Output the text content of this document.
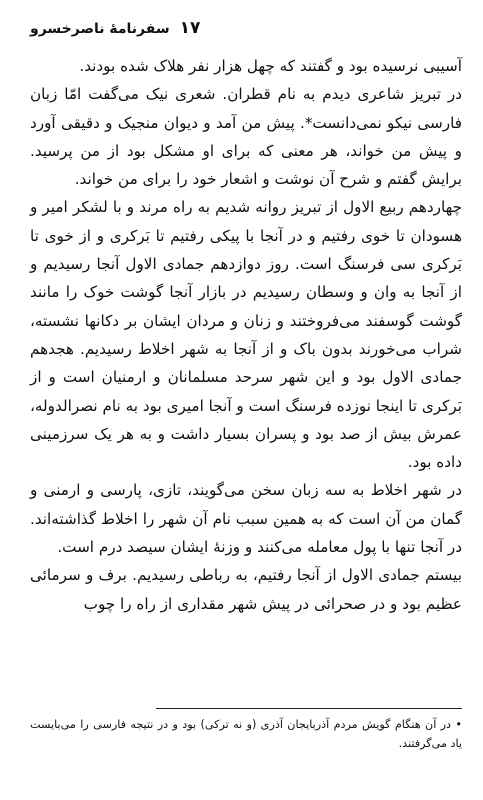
۱۷
سفرنامهٔ ناصرخسرو

آسیبی نرسیده بود و گفتند که چهل هزار نفر هلاک شده بودند.

در تبریز شاعری دیدم به نام قطران. شعری نیک می‌گفت امّا زبان فارسی نیکو نمی‌دانست*. پیش من آمد و دیوان منجیک و دقیقی آورد و پیش من خواند، هر معنی که برای او مشکل بود از من پرسید. برایش گفتم و شرح آن نوشت و اشعار خود را برای من خواند.

چهاردهم ربیع الاول از تبریز روانه شدیم به راه مرند و با لشکر امیر و هسودان تا خوی رفتیم و در آنجا با پیکی رفتیم تا بَرکری و از خوی تا بَرکری سی فرسنگ است. روز دوازدهم جمادی الاول آنجا رسیدیم و از آنجا به وان و وسطان رسیدیم در بازار آنجا گوشت خوک را مانند گوشت گوسفند می‌فروختند و زنان و مردان ایشان بر دکانها نشسته، شراب می‌خورند بدون باک و از آنجا به شهر اخلاط رسیدیم. هجدهم جمادی الاول بود و این شهر سرحد مسلمانان و ارمنیان است و از بَرکری تا اینجا نوزده فرسنگ است و آنجا امیری بود به نام نصرالدوله، عمرش بیش از صد بود و پسران بسیار داشت و به هر یک سرزمینی داده بود.

در شهر اخلاط به سه زبان سخن می‌گویند، تازی، پارسی و ارمنی و گمان من آن است که به همین سبب نام آن شهر را اخلاط گذاشته‌اند. در آنجا تنها با پول معامله می‌کنند و وزنهٔ ایشان سیصد درم است.

بیستم جمادی الاول از آنجا رفتیم، به رباطی رسیدیم. برف و سرمائی عظیم بود و در صحرائی در پیش شهر مقداری از راه را چوب

• در آن هنگام گویش مردم آذربایجان آذری (و نه ترکی) بود و در نتیجه فارسی را می‌بایست یاد می‌گرفتند.
